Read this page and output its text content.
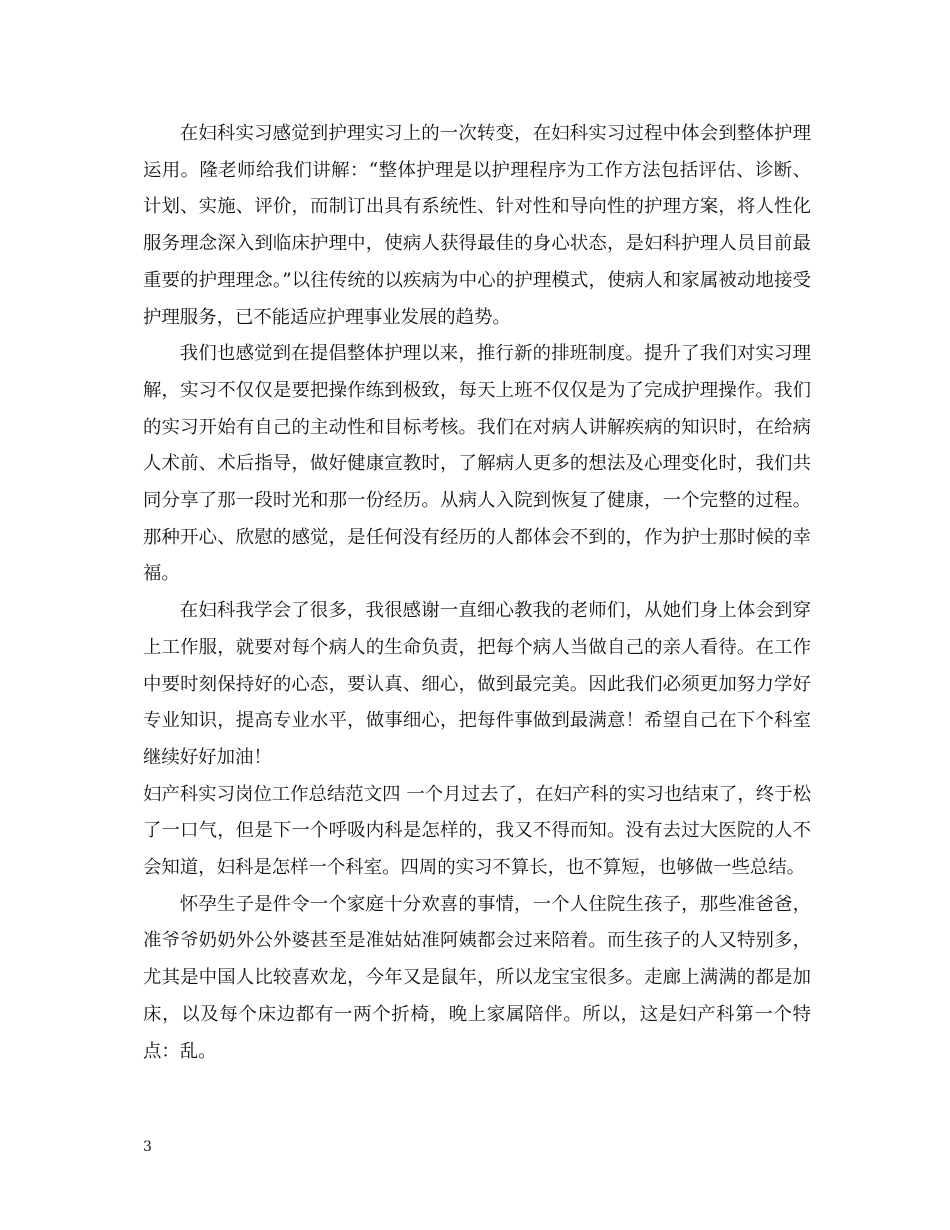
在妇科实习感觉到护理实习上的一次转变，在妇科实习过程中体会到整体护理运用。隆老师给我们讲解：“整体护理是以护理程序为工作方法包括评估、诊断、计划、实施、评价，而制订出具有系统性、针对性和导向性的护理方案，将人性化服务理念深入到临床护理中，使病人获得最佳的身心状态，是妇科护理人员目前最重要的护理理念。”以往传统的以疾病为中心的护理模式，使病人和家属被动地接受护理服务，已不能适应护理事业发展的趋势。

我们也感觉到在提倡整体护理以来，推行新的排班制度。提升了我们对实习理解，实习不仅仅是要把操作练到极致，每天上班不仅仅是为了完成护理操作。我们的实习开始有自己的主动性和目标考核。我们在对病人讲解疾病的知识时，在给病人术前、术后指导，做好健康宣教时，了解病人更多的想法及心理变化时，我们共同分享了那一段时光和那一份经历。从病人入院到恢复了健康，一个完整的过程。那种开心、欣慰的感觉，是任何没有经历的人都体会不到的，作为护士那时候的幸福。

在妇科我学会了很多，我很感谢一直细心教我的老师们，从她们身上体会到穿上工作服，就要对每个病人的生命负责，把每个病人当做自己的亲人看待。在工作中要时刻保持好的心态，要认真、细心，做到最完美。因此我们必须更加努力学好专业知识，提高专业水平，做事细心，把每件事做到最满意！希望自己在下个科室继续好好加油！

妇产科实习岗位工作总结范文四 一个月过去了，在妇产科的实习也结束了，终于松了一口气，但是下一个呼吸内科是怎样的，我又不得而知。没有去过大医院的人不会知道，妇科是怎样一个科室。四周的实习不算长，也不算短，也够做一些总结。

怀孕生子是件令一个家庭十分欢喜的事情，一个人住院生孩子，那些准爸爸，准爷爷奶奶外公外婆甚至是准姑姑准阿姨都会过来陪着。而生孩子的人又特别多，尤其是中国人比较喜欢龙，今年又是鼠年，所以龙宝宝很多。走廊上满满的都是加床，以及每个床边都有一两个折椅，晚上家属陪伴。所以，这是妇产科第一个特点：乱。

3
